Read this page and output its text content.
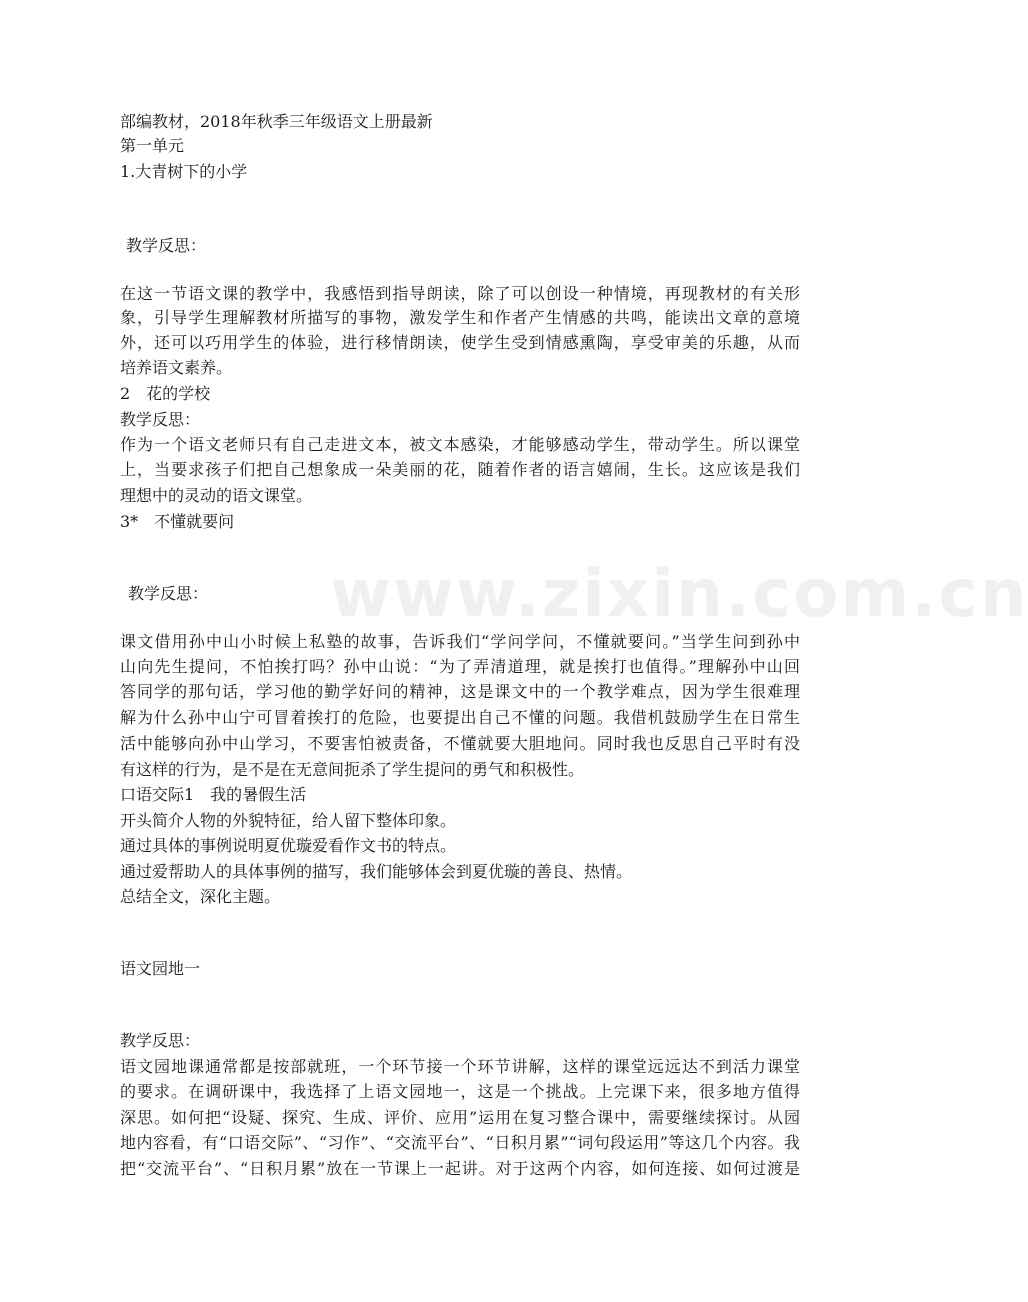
www.zixin.com.cn
部编教材，2018年秋季三年级语文上册最新
第一单元
1.大青树下的小学
教学反思：
在这一节语文课的教学中，我感悟到指导朗读，除了可以创设一种情境，再现教材的有关形
象，引导学生理解教材所描写的事物，激发学生和作者产生情感的共鸣，能读出文章的意境
外，还可以巧用学生的体验，进行移情朗读，使学生受到情感熏陶，享受审美的乐趣，从而
培养语文素养。
2　花的学校
教学反思：
作为一个语文老师只有自己走进文本，被文本感染，才能够感动学生，带动学生。所以课堂
上，当要求孩子们把自己想象成一朵美丽的花，随着作者的语言嬉闹，生长。这应该是我们
理想中的灵动的语文课堂。
3*　不懂就要问
教学反思：
课文借用孙中山小时候上私塾的故事，告诉我们“学问学问，不懂就要问。”当学生问到孙中
山向先生提问，不怕挨打吗？孙中山说：“为了弄清道理，就是挨打也值得。”理解孙中山回
答同学的那句话，学习他的勤学好问的精神，这是课文中的一个教学难点，因为学生很难理
解为什么孙中山宁可冒着挨打的危险，也要提出自己不懂的问题。我借机鼓励学生在日常生
活中能够向孙中山学习，不要害怕被责备，不懂就要大胆地问。同时我也反思自己平时有没
有这样的行为，是不是在无意间扼杀了学生提问的勇气和积极性。
口语交际1　我的暑假生活
开头简介人物的外貌特征，给人留下整体印象。
通过具体的事例说明夏优璇爱看作文书的特点。
通过爱帮助人的具体事例的描写，我们能够体会到夏优璇的善良、热情。
总结全文，深化主题。
语文园地一
教学反思：
语文园地课通常都是按部就班，一个环节接一个环节讲解，这样的课堂远远达不到活力课堂
的要求。在调研课中，我选择了上语文园地一，这是一个挑战。上完课下来，很多地方值得
深思。如何把“设疑、探究、生成、评价、应用”运用在复习整合课中，需要继续探讨。从园
地内容看，有“口语交际”、“习作”、“交流平台”、“日积月累”“词句段运用”等这几个内容。我
把“交流平台”、“日积月累”放在一节课上一起讲。对于这两个内容，如何连接、如何过渡是
